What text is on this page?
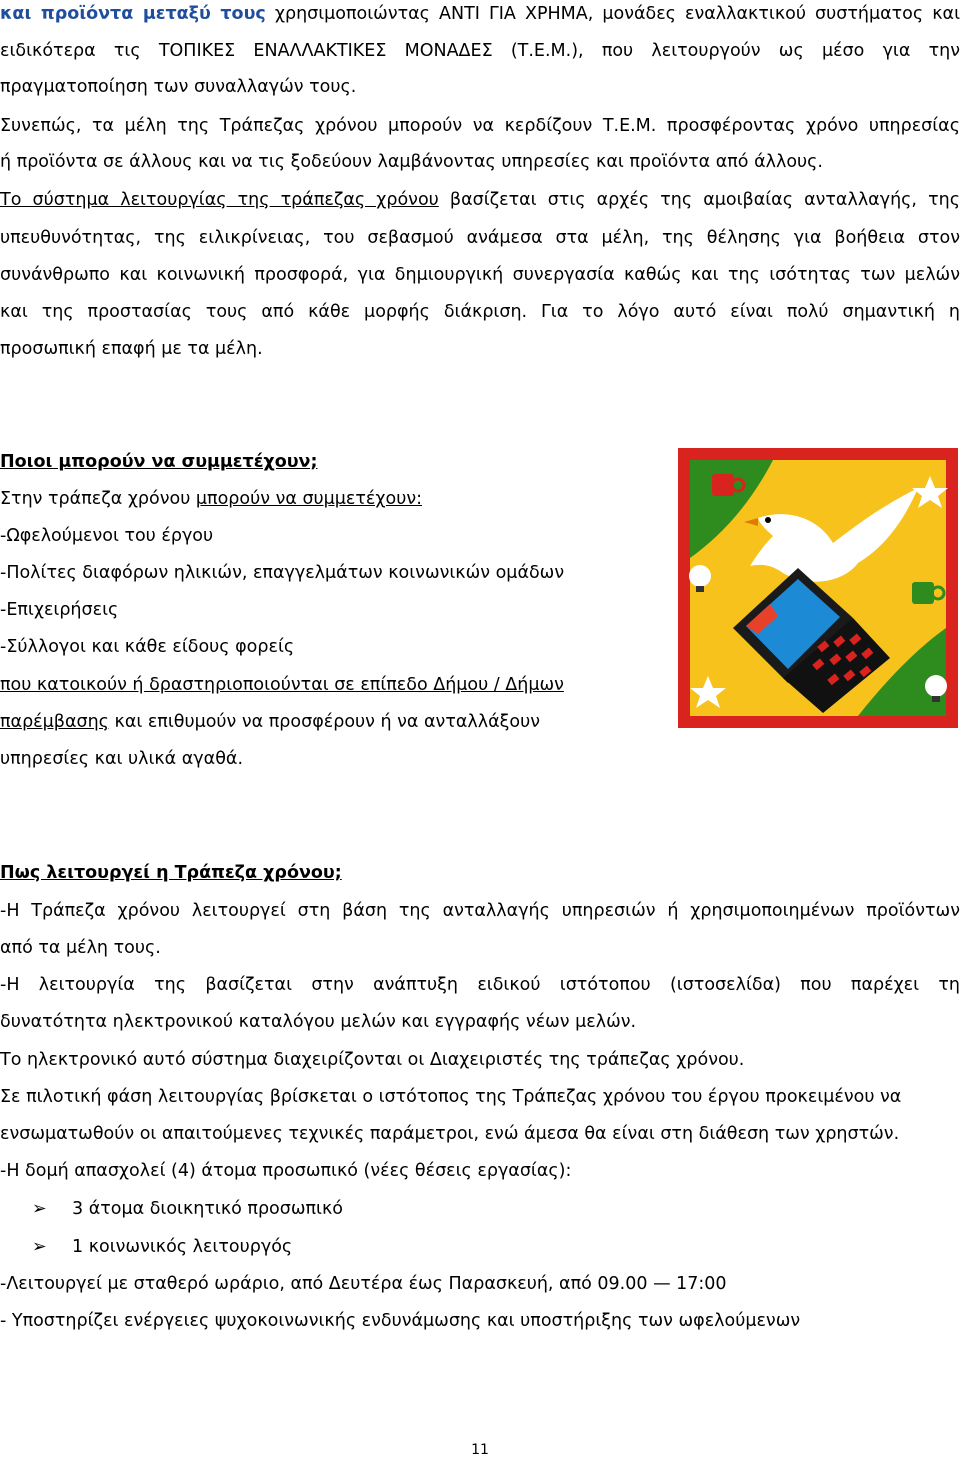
και προϊόντα μεταξύ τους χρησιμοποιώντας ΑΝΤΙ ΓΙΑ ΧΡΗΜΑ, μονάδες εναλλακτικού συστήματος και
ειδικότερα τις ΤΟΠΙΚΕΣ ΕΝΑΛΛΑΚΤΙΚΕΣ ΜΟΝΑΔΕΣ (Τ.Ε.Μ.), που λειτουργούν ως μέσο για την
πραγματοποίηση των συναλλαγών τους.
Συνεπώς, τα μέλη της Τράπεζας χρόνου μπορούν να κερδίζουν Τ.Ε.Μ. προσφέροντας χρόνο υπηρεσίας
ή προϊόντα σε άλλους και να τις ξοδεύουν λαμβάνοντας υπηρεσίες και προϊόντα από άλλους.
Το σύστημα λειτουργίας της τράπεζας χρόνου βασίζεται στις αρχές της αμοιβαίας ανταλλαγής, της
υπευθυνότητας, της ειλικρίνειας, του σεβασμού ανάμεσα στα μέλη, της θέλησης για βοήθεια στον
συνάνθρωπο και κοινωνική προσφορά, για δημιουργική συνεργασία καθώς και της ισότητας των μελών
και της προστασίας τους από κάθε μορφής διάκριση. Για το λόγο αυτό είναι πολύ σημαντική η
προσωπική επαφή με τα μέλη.
Ποιοι μπορούν να συμμετέχουν;
Στην τράπεζα χρόνου μπορούν να συμμετέχουν:
-Ωφελούμενοι του έργου
-Πολίτες διαφόρων ηλικιών, επαγγελμάτων κοινωνικών ομάδων
-Επιχειρήσεις
-Σύλλογοι και κάθε είδους φορείς
που κατοικούν ή δραστηριοποιούνται σε επίπεδο Δήμου / Δήμων
παρέμβασης και επιθυμούν να προσφέρουν ή να ανταλλάξουν
υπηρεσίες και υλικά αγαθά.
Πως λειτουργεί η Τράπεζα χρόνου;
-Η Τράπεζα χρόνου λειτουργεί στη βάση της ανταλλαγής υπηρεσιών ή χρησιμοποιημένων προϊόντων
από τα μέλη τους.
-Η λειτουργία της βασίζεται στην ανάπτυξη ειδικού ιστότοπου (ιστοσελίδα) που παρέχει τη
δυνατότητα ηλεκτρονικού καταλόγου μελών και εγγραφής νέων μελών.
Το ηλεκτρονικό αυτό σύστημα διαχειρίζονται οι Διαχειριστές της τράπεζας χρόνου.
Σε πιλοτική φάση λειτουργίας βρίσκεται ο ιστότοπος της Τράπεζας χρόνου του έργου προκειμένου να
ενσωματωθούν οι απαιτούμενες τεχνικές παράμετροι, ενώ άμεσα θα είναι στη διάθεση των χρηστών.
-Η δομή απασχολεί (4) άτομα προσωπικό (νέες θέσεις εργασίας):
➢ 3 άτομα διοικητικό προσωπικό
➢ 1 κοινωνικός λειτουργός
-Λειτουργεί με σταθερό ωράριο, από Δευτέρα έως Παρασκευή, από 09.00 — 17:00
- Υποστηρίζει ενέργειες ψυχοκοινωνικής ενδυνάμωσης και υποστήριξης των ωφελούμενων
11
